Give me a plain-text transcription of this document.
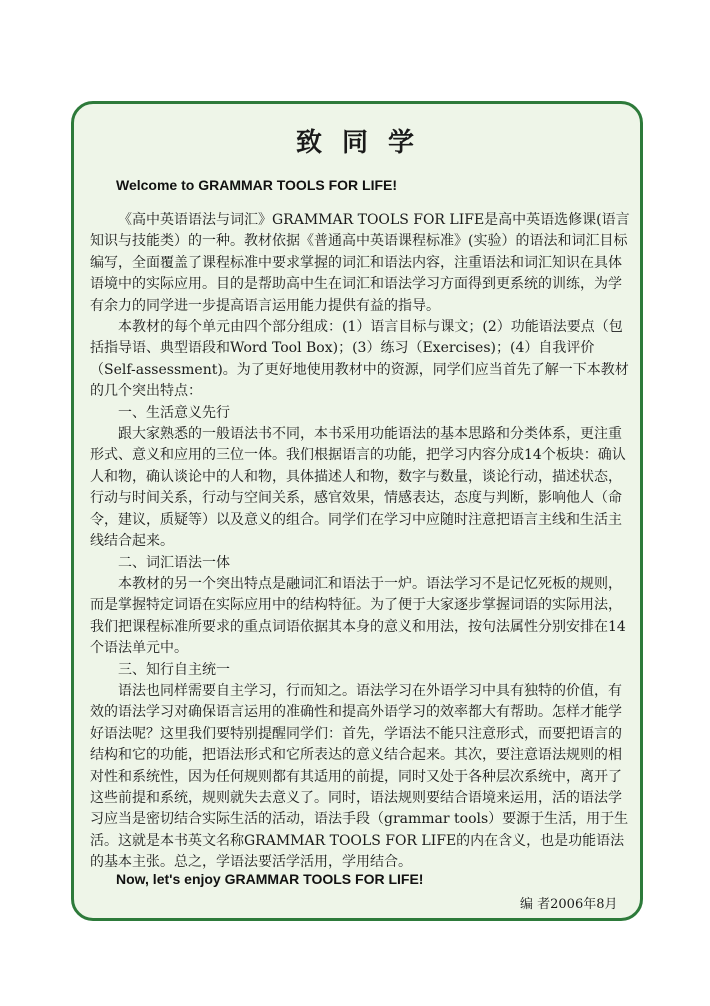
致同学
Welcome to GRAMMAR TOOLS FOR LIFE!

《高中英语语法与词汇》GRAMMAR TOOLS FOR LIFE是高中英语选修课(语言知识与技能类）的一种。教材依据《普通高中英语课程标准》(实验）的语法和词汇目标编写，全面覆盖了课程标准中要求掌握的词汇和语法内容，注重语法和词汇知识在具体语境中的实际应用。目的是帮助高中生在词汇和语法学习方面得到更系统的训练，为学有余力的同学进一步提高语言运用能力提供有益的指导。

本教材的每个单元由四个部分组成：(1）语言目标与课文；(2）功能语法要点（包括指导语、典型语段和Word Tool Box)；(3）练习（Exercises)；(4）自我评价（Self-assessment)。为了更好地使用教材中的资源，同学们应当首先了解一下本教材的几个突出特点：

一、生活意义先行

跟大家熟悉的一般语法书不同，本书采用功能语法的基本思路和分类体系，更注重形式、意义和应用的三位一体。我们根据语言的功能，把学习内容分成14个板块：确认人和物，确认谈论中的人和物，具体描述人和物，数字与数量，谈论行动，描述状态，行动与时间关系，行动与空间关系，感官效果，情感表达，态度与判断，影响他人（命令，建议，质疑等）以及意义的组合。同学们在学习中应随时注意把语言主线和生活主线结合起来。

二、词汇语法一体

本教材的另一个突出特点是融词汇和语法于一炉。语法学习不是记忆死板的规则，而是掌握特定词语在实际应用中的结构特征。为了便于大家逐步掌握词语的实际用法，我们把课程标准所要求的重点词语依据其本身的意义和用法，按句法属性分别安排在14个语法单元中。

三、知行自主统一

语法也同样需要自主学习，行而知之。语法学习在外语学习中具有独特的价值，有效的语法学习对确保语言运用的准确性和提高外语学习的效率都大有帮助。怎样才能学好语法呢？这里我们要特别提醒同学们：首先，学语法不能只注意形式，而要把语言的结构和它的功能，把语法形式和它所表达的意义结合起来。其次，要注意语法规则的相对性和系统性，因为任何规则都有其适用的前提，同时又处于各种层次系统中，离开了这些前提和系统，规则就失去意义了。同时，语法规则要结合语境来运用，活的语法学习应当是密切结合实际生活的活动，语法手段（grammar tools）要源于生活，用于生活。这就是本书英文名称GRAMMAR TOOLS FOR LIFE的内在含义，也是功能语法的基本主张。总之，学语法要活学活用，学用结合。

Now, let's enjoy GRAMMAR TOOLS FOR LIFE!
编 者2006年8月
